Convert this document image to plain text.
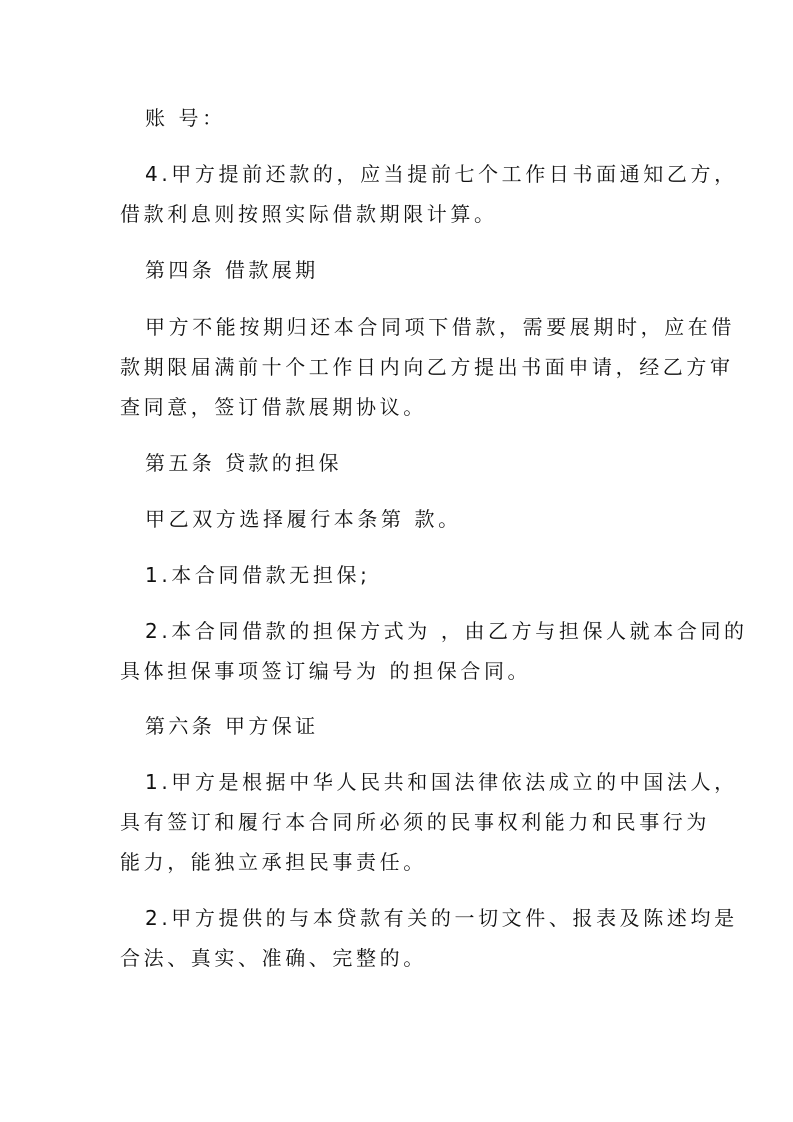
账 号：
4.甲方提前还款的，应当提前七个工作日书面通知乙方，
借款利息则按照实际借款期限计算。
第四条 借款展期
甲方不能按期归还本合同项下借款，需要展期时，应在借
款期限届满前十个工作日内向乙方提出书面申请，经乙方审
查同意，签订借款展期协议。
第五条 贷款的担保
甲乙双方选择履行本条第 款。
1.本合同借款无担保;
2.本合同借款的担保方式为 ，由乙方与担保人就本合同的
具体担保事项签订编号为 的担保合同。
第六条 甲方保证
1.甲方是根据中华人民共和国法律依法成立的中国法人，
具有签订和履行本合同所必须的民事权利能力和民事行为
能力，能独立承担民事责任。
2.甲方提供的与本贷款有关的一切文件、报表及陈述均是
合法、真实、准确、完整的。
